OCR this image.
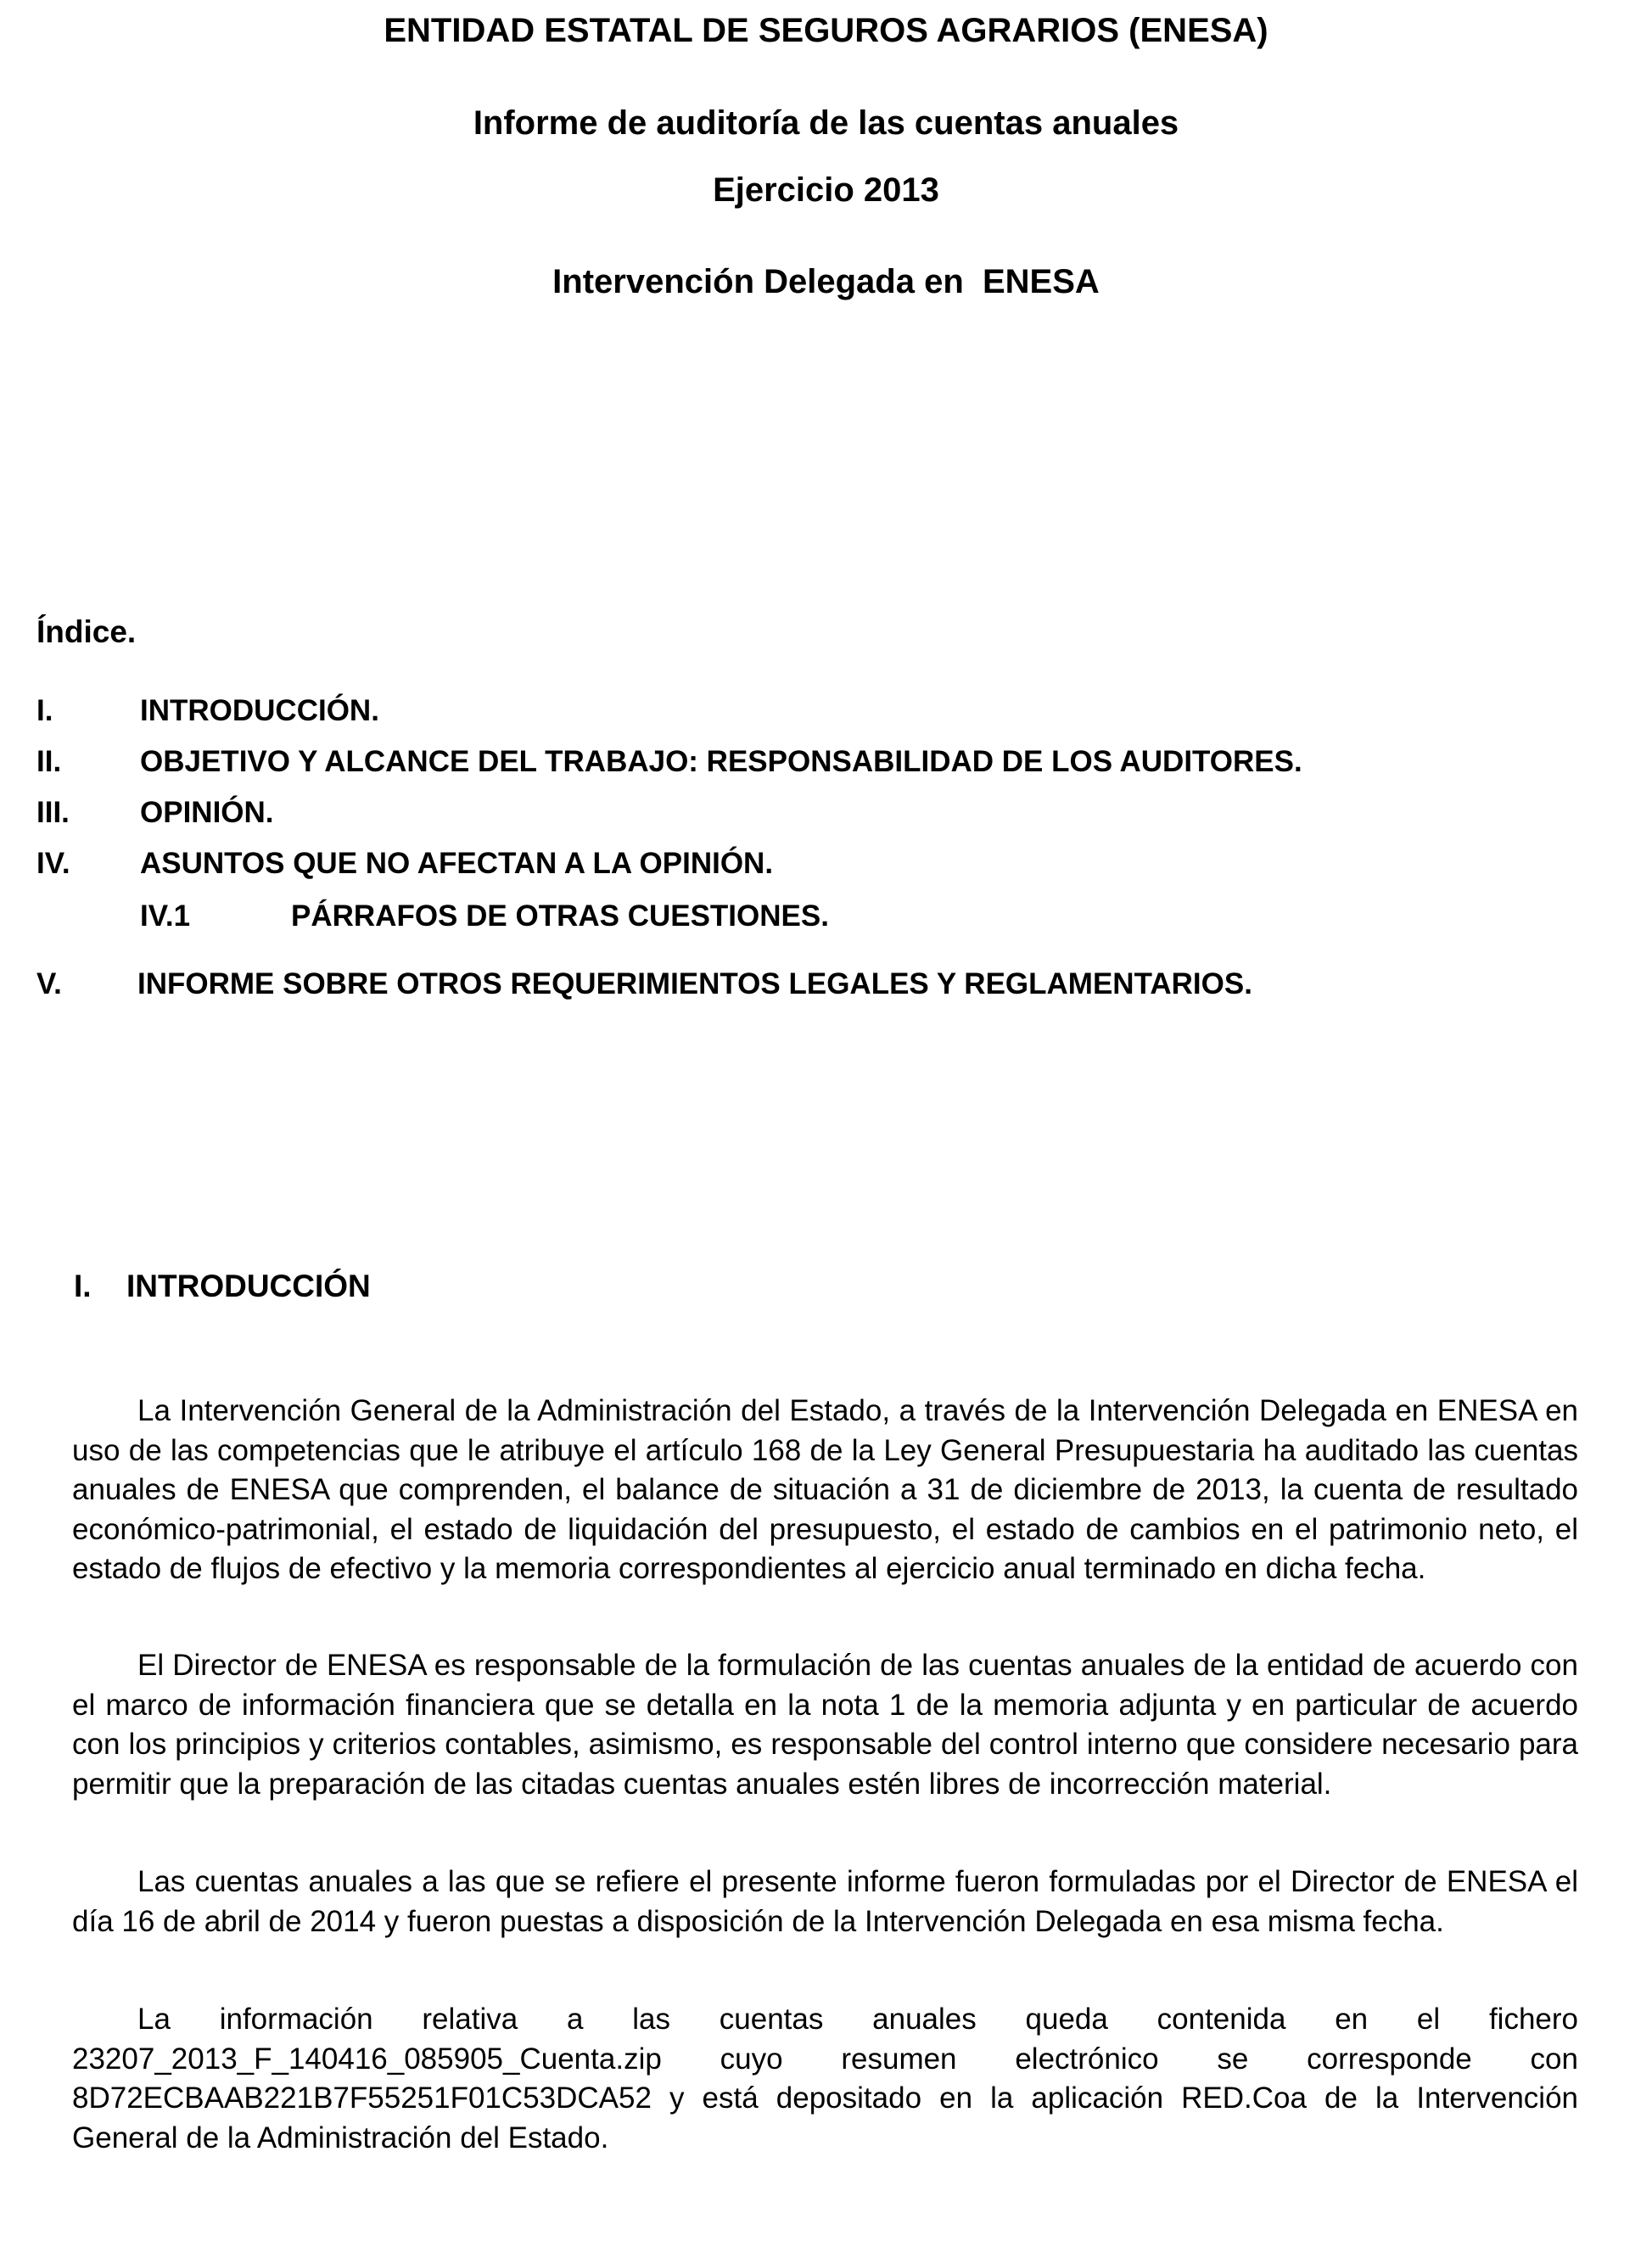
ENTIDAD ESTATAL DE SEGUROS AGRARIOS (ENESA)
Informe de auditoría de las cuentas anuales
Ejercicio 2013
Intervención Delegada en  ENESA
Índice.
I.	INTRODUCCIÓN.
II.	OBJETIVO Y ALCANCE DEL TRABAJO: RESPONSABILIDAD DE LOS AUDITORES.
III. OPINIÓN.
IV. ASUNTOS QUE NO AFECTAN A LA OPINIÓN.
IV.1	PÁRRAFOS DE OTRAS CUESTIONES.
V.	INFORME SOBRE OTROS REQUERIMIENTOS LEGALES Y REGLAMENTARIOS.
I. INTRODUCCIÓN

La Intervención General de la Administración del Estado, a través de la Intervención Delegada en ENESA en uso de las competencias que le atribuye el artículo 168 de la Ley General Presupuestaria ha auditado las cuentas anuales de ENESA que comprenden, el balance de situación a 31 de diciembre de 2013, la cuenta de resultado económico-patrimonial, el estado de liquidación del presupuesto, el estado de cambios en el patrimonio neto, el estado de flujos de efectivo y la memoria correspondientes al ejercicio anual terminado en dicha fecha.

El Director de ENESA es responsable de la formulación de las cuentas anuales de la entidad de acuerdo con el marco de información financiera que se detalla en la nota 1 de la memoria adjunta y en particular de acuerdo con los principios y criterios contables, asimismo, es responsable del control interno que considere necesario para permitir que la preparación de las citadas cuentas anuales estén libres de incorrección material.

Las cuentas anuales a las que se refiere el presente informe fueron formuladas por el Director de ENESA el día 16 de abril de 2014 y fueron puestas a disposición de la Intervención Delegada en esa misma fecha.

La información relativa a las cuentas anuales queda contenida en el fichero 23207_2013_F_140416_085905_Cuenta.zip cuyo resumen electrónico se corresponde con 8D72ECBAAB221B7F55251F01C53DCA52 y está depositado en la aplicación RED.Coa de la Intervención General de la Administración del Estado.
